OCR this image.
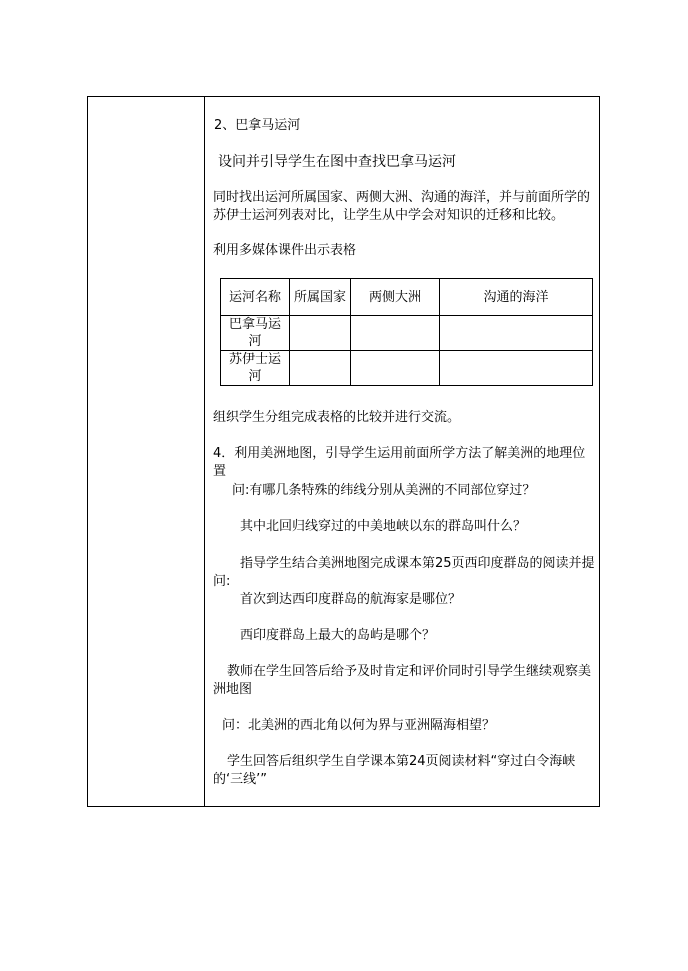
2、巴拿马运河
设问并引导学生在图中查找巴拿马运河
同时找出运河所属国家、两侧大洲、沟通的海洋，并与前面所学的苏伊士运河列表对比，让学生从中学会对知识的迁移和比较。
利用多媒体课件出示表格
运河名称	所属国家	两侧大洲	沟通的海洋

巴拿马运河			

苏伊士运河			

组织学生分组完成表格的比较并进行交流。
4．利用美洲地图，引导学生运用前面所学方法了解美洲的地理位置
问:有哪几条特殊的纬线分别从美洲的不同部位穿过？
其中北回归线穿过的中美地峡以东的群岛叫什么？
指导学生结合美洲地图完成课本第25页西印度群岛的阅读并提问:
首次到达西印度群岛的航海家是哪位？
西印度群岛上最大的岛屿是哪个？
教师在学生回答后给予及时肯定和评价同时引导学生继续观察美洲地图
问：北美洲的西北角以何为界与亚洲隔海相望？
学生回答后组织学生自学课本第24页阅读材料“穿过白令海峡的‘三线’”
